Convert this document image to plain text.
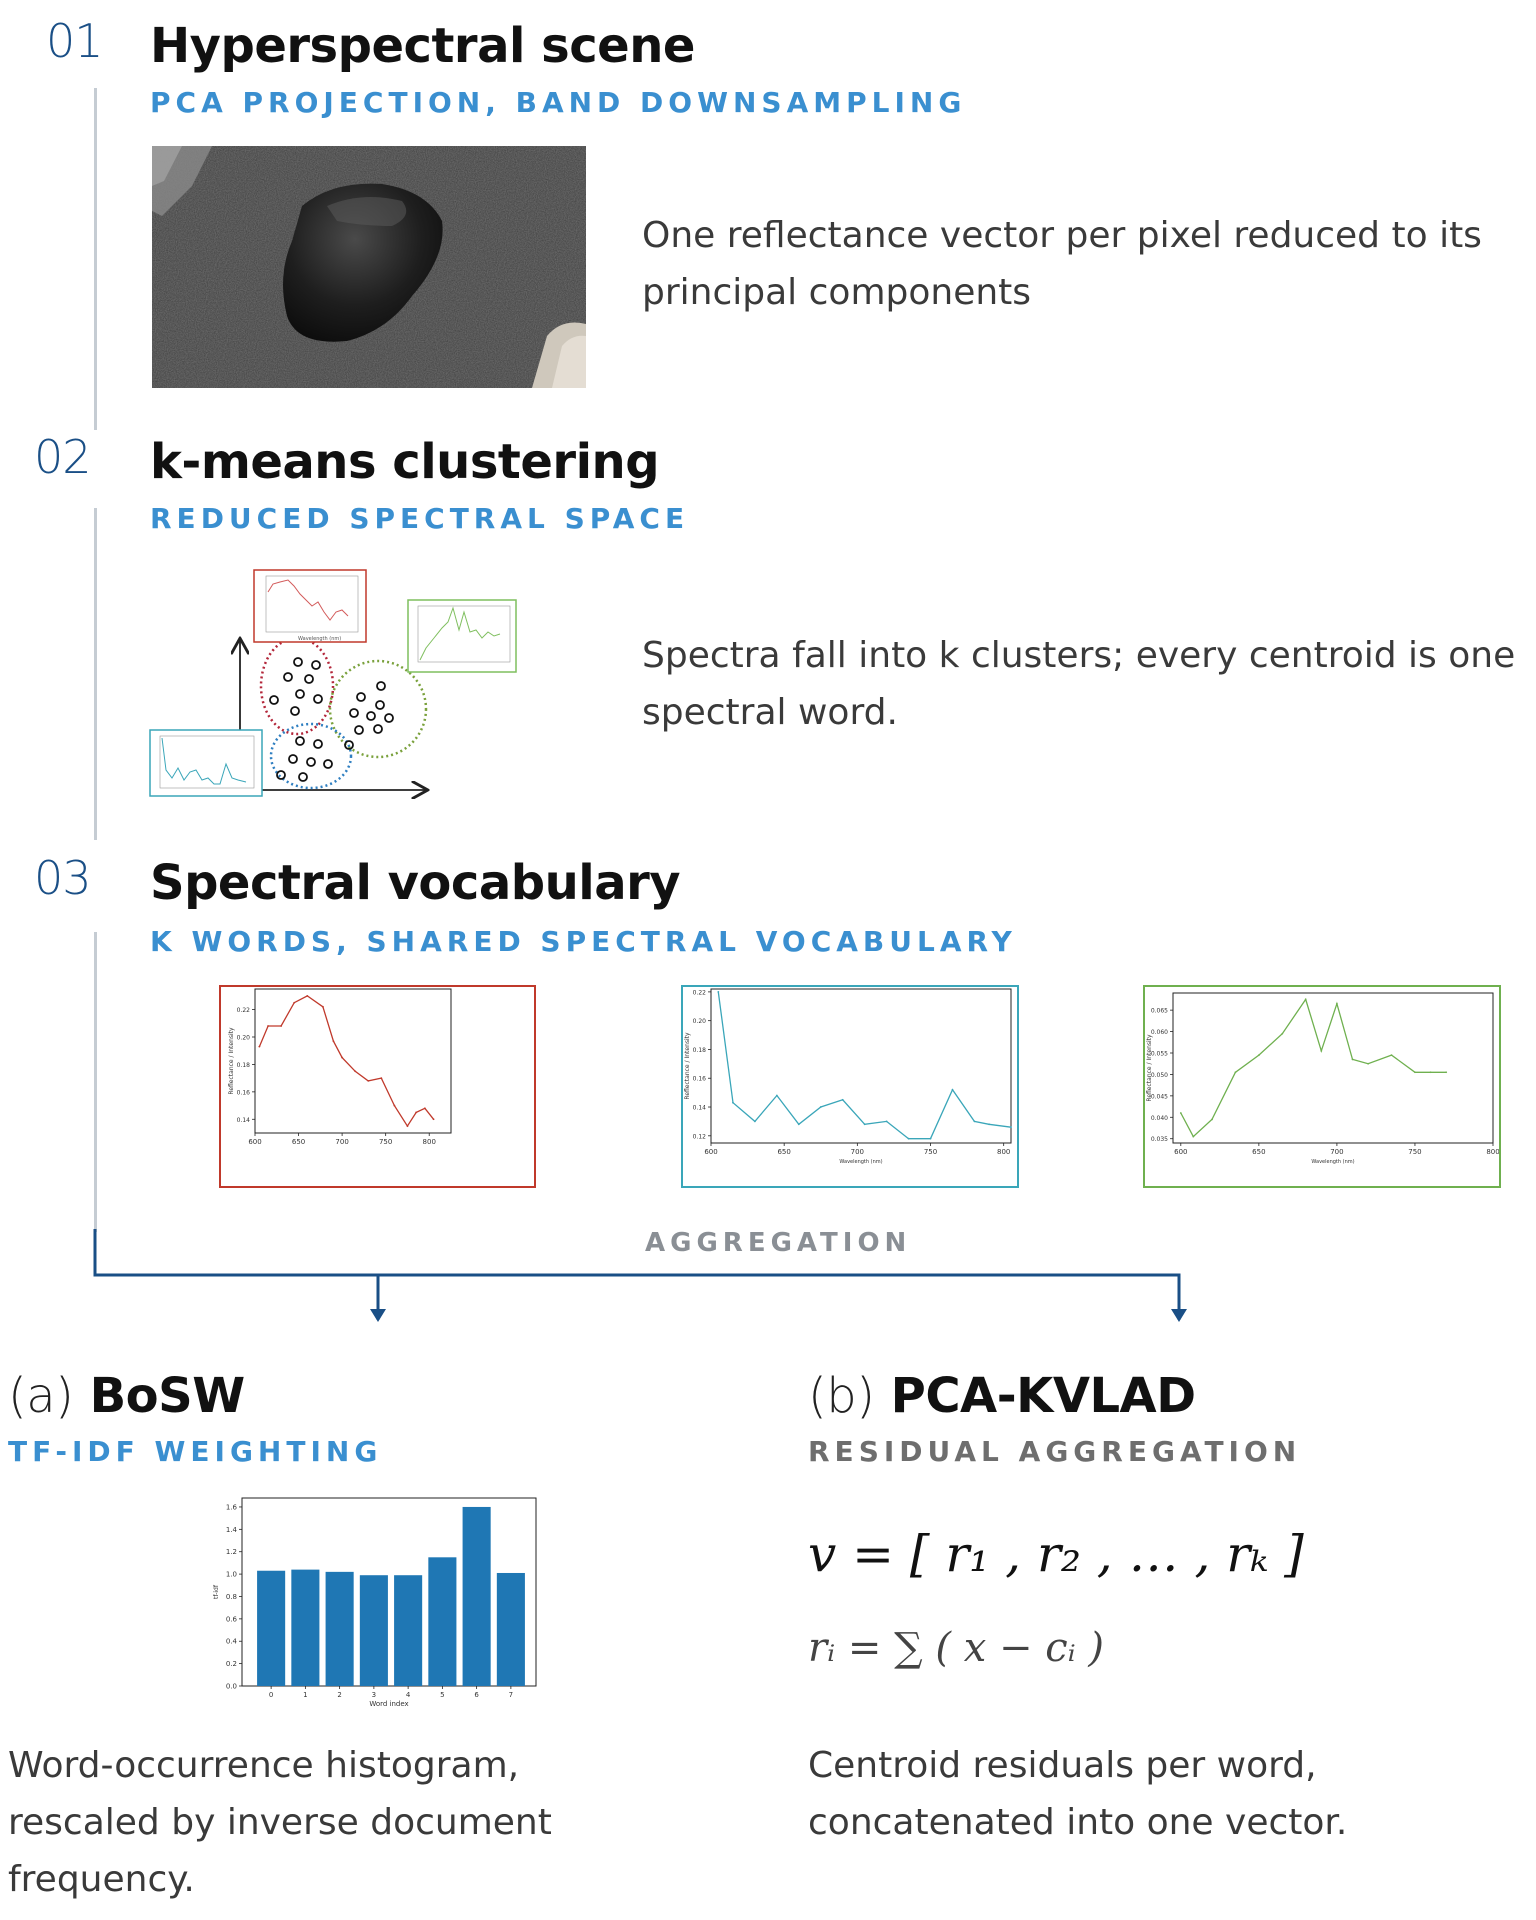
01 Hyperspectral scene
PCA PROJECTION, BAND DOWNSAMPLING
One reflectance vector per pixel reduced to its principal components
02 k-means clustering
REDUCED SPECTRAL SPACE
Wavelength (nm)	Spectra fall into k clusters; every centroid is one spectral word.
03 Spectral vocabulary
K WORDS, SHARED SPECTRAL VOCABULARY
600	650	700	750	800
0.14
0.16
0.18
0.20
0.22
Reflectance / Intensity
600	650	700	750	800
0.12
0.14
0.16
0.18
0.20
0.22
Wavelength (nm)
Reflectance / Intensity
600	650	700	750	800
0.035
0.040
0.045
0.050
0.055
0.060
0.065
Wavelength (nm)
Reflectance / Intensity
AGGREGATION
(a) BoSW
TF-IDF WEIGHTING
0.0
0.2
0.4
0.6
0.8
1.0
1.2
1.4
1.6
0	1	2	3	4	5	6	7
Word index
tf-idf
Word-occurrence histogram, rescaled by inverse document frequency.
(b) PCA-KVLAD
RESIDUAL AGGREGATION
v = [ r₁ , r₂ , … , rₖ ]
rᵢ = ∑ ( x − cᵢ )
Centroid residuals per word, concatenated into one vector.
